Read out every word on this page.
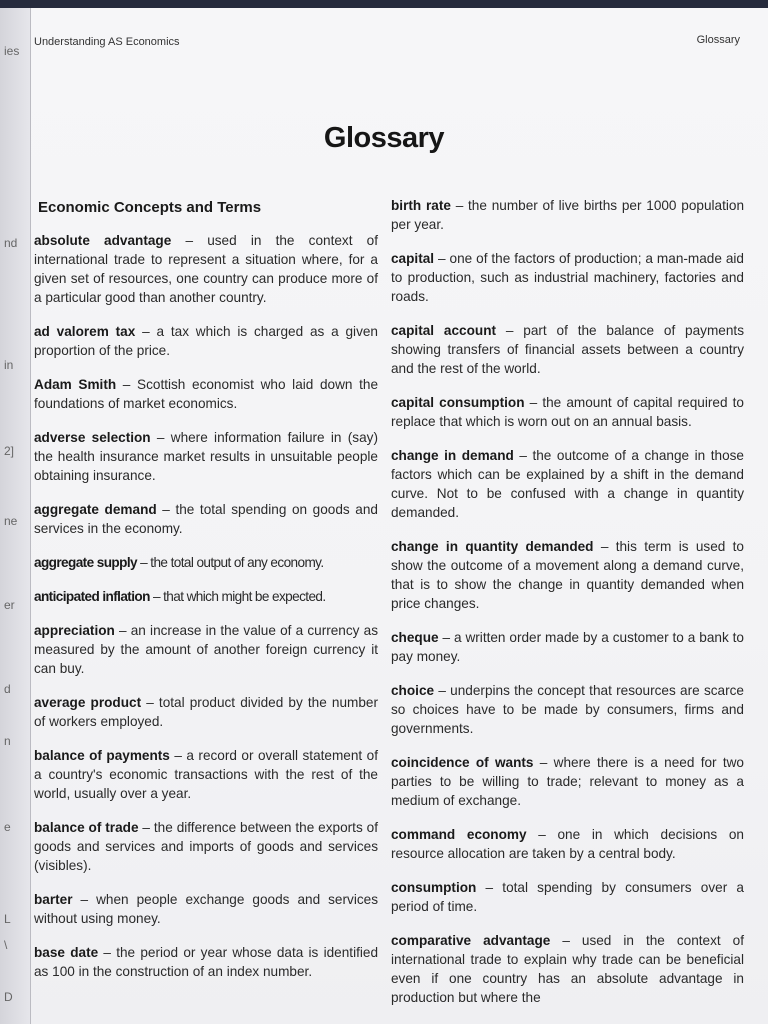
ies
nd
in
2]
ne
er
d
n
e
L
\
D
Understanding AS Economics	Glossary
Glossary
Economic Concepts and Terms

absolute advantage – used in the context of international trade to represent a situation where, for a given set of resources, one country can produce more of a particular good than another country.

ad valorem tax – a tax which is charged as a given proportion of the price.

Adam Smith – Scottish economist who laid down the foundations of market economics.

adverse selection – where information failure in (say) the health insurance market results in unsuitable people obtaining insurance.

aggregate demand – the total spending on goods and services in the economy.

aggregate supply – the total output of any economy.

anticipated inflation – that which might be expected.

appreciation – an increase in the value of a currency as measured by the amount of another foreign currency it can buy.

average product – total product divided by the number of workers employed.

balance of payments – a record or overall statement of a country's economic transactions with the rest of the world, usually over a year.

balance of trade – the difference between the exports of goods and services and imports of goods and services (visibles).

barter – when people exchange goods and services without using money.

base date – the period or year whose data is identified as 100 in the construction of an index number.

birth rate – the number of live births per 1000 population per year.

capital – one of the factors of production; a man-made aid to production, such as industrial machinery, factories and roads.

capital account – part of the balance of payments showing transfers of financial assets between a country and the rest of the world.

capital consumption – the amount of capital required to replace that which is worn out on an annual basis.

change in demand – the outcome of a change in those factors which can be explained by a shift in the demand curve. Not to be confused with a change in quantity demanded.

change in quantity demanded – this term is used to show the outcome of a movement along a demand curve, that is to show the change in quantity demanded when price changes.

cheque – a written order made by a customer to a bank to pay money.

choice – underpins the concept that resources are scarce so choices have to be made by consumers, firms and governments.

coincidence of wants – where there is a need for two parties to be willing to trade; relevant to money as a medium of exchange.

command economy – one in which decisions on resource allocation are taken by a central body.

consumption – total spending by consumers over a period of time.

comparative advantage – used in the context of international trade to explain why trade can be beneficial even if one country has an absolute advantage in production but where the
